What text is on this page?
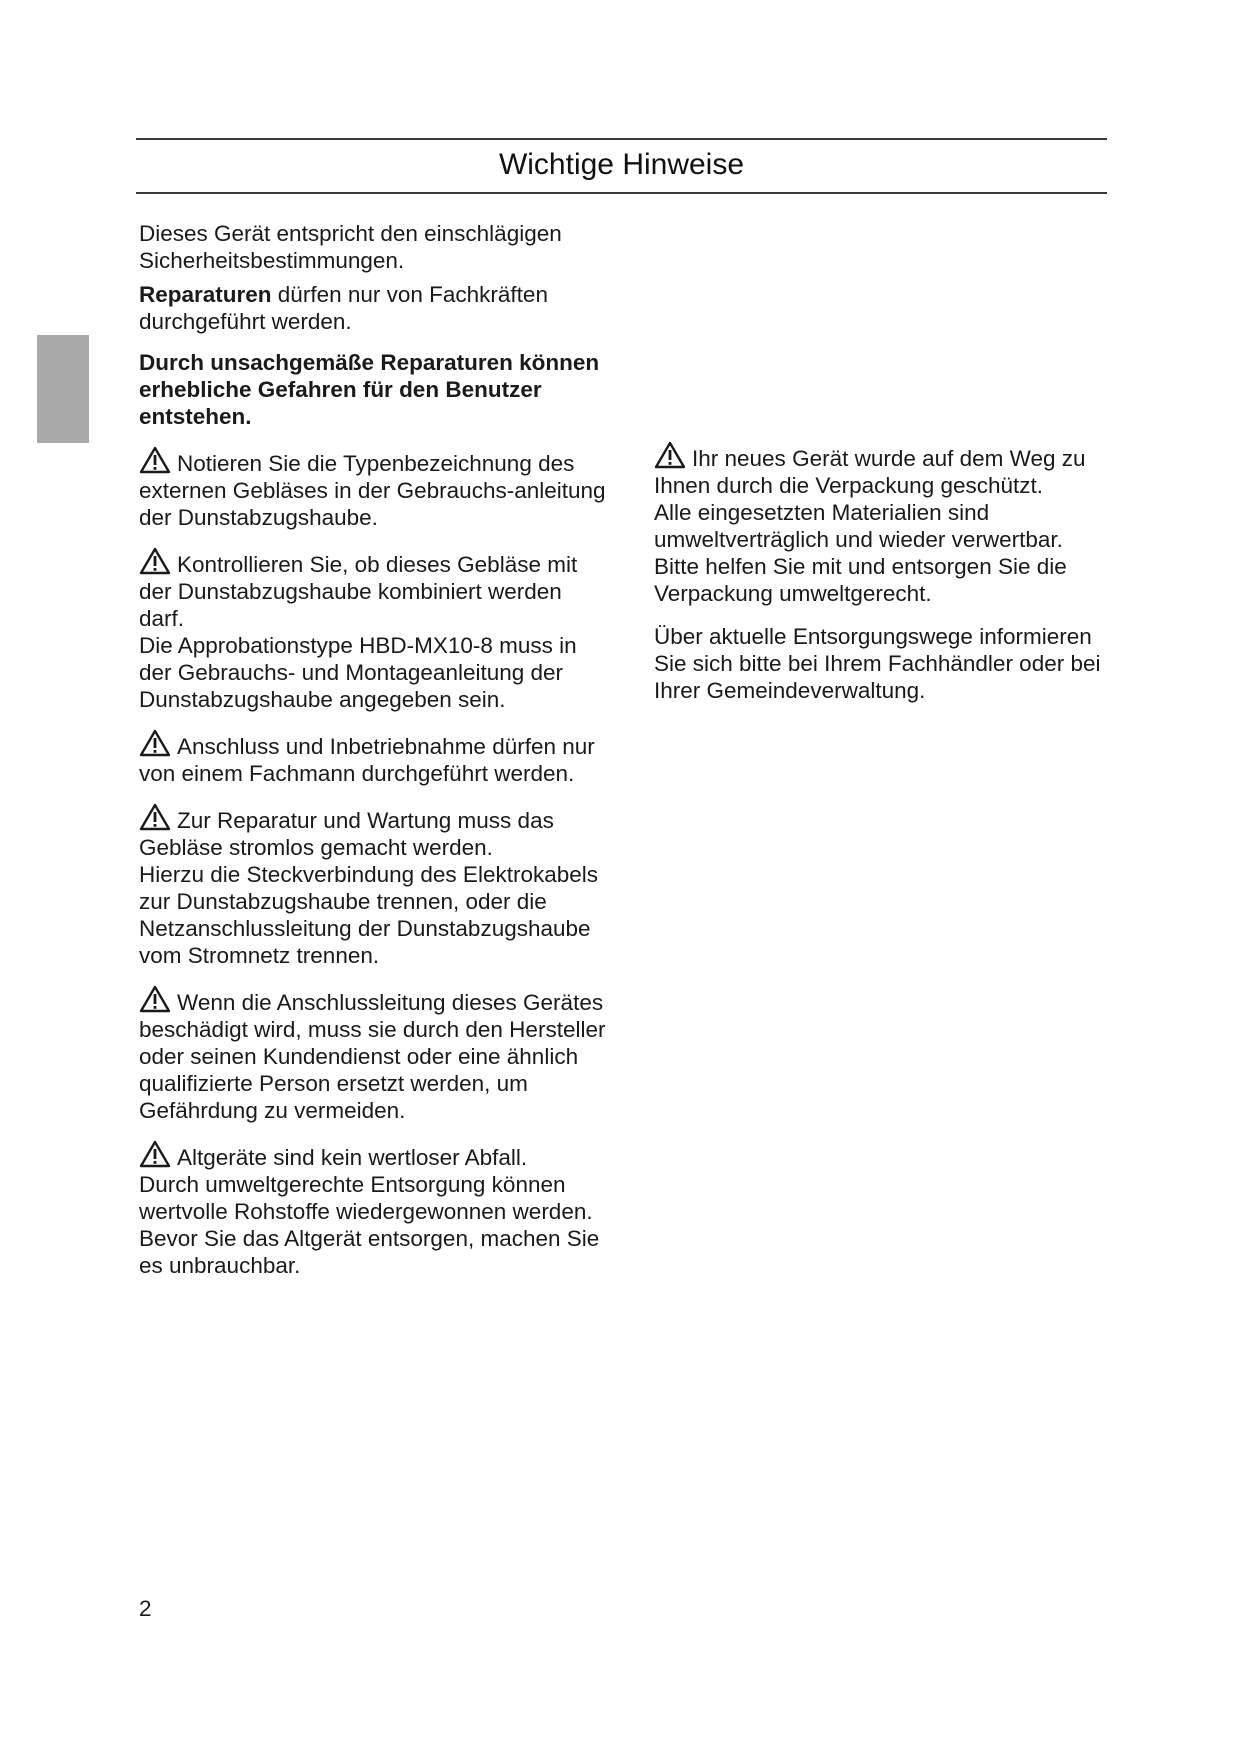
Wichtige Hinweise

Dieses Gerät entspricht den einschlägigen Sicherheitsbestimmungen.

Reparaturen dürfen nur von Fachkräften durchgeführt werden.

Durch unsachgemäße Reparaturen können erhebliche Gefahren für den Benutzer entstehen.

Notieren Sie die Typenbezeichnung des externen Gebläses in der Gebrauchs-anleitung der Dunstabzugshaube.

Kontrollieren Sie, ob dieses Gebläse mit der Dunstabzugshaube kombiniert werden darf.

Die Approbationstype HBD-MX10-8 muss in der Gebrauchs- und Montageanleitung der Dunstabzugshaube angegeben sein.

Anschluss und Inbetriebnahme dürfen nur von einem Fachmann durchgeführt werden.

Zur Reparatur und Wartung muss das Gebläse stromlos gemacht werden.

Hierzu die Steckverbindung des Elektrokabels zur Dunstabzugshaube trennen, oder die Netzanschlussleitung der Dunstabzugshaube vom Stromnetz trennen.

Wenn die Anschlussleitung dieses Gerätes beschädigt wird, muss sie durch den Hersteller oder seinen Kundendienst oder eine ähnlich qualifizierte Person ersetzt werden, um Gefährdung zu vermeiden.

Altgeräte sind kein wertloser Abfall.

Durch umweltgerechte Entsorgung können wertvolle Rohstoffe wiedergewonnen werden.

Bevor Sie das Altgerät entsorgen, machen Sie es unbrauchbar.

Ihr neues Gerät wurde auf dem Weg zu Ihnen durch die Verpackung geschützt.

Alle eingesetzten Materialien sind umweltverträglich und wieder verwertbar.

Bitte helfen Sie mit und entsorgen Sie die Verpackung umweltgerecht.

Über aktuelle Entsorgungswege informieren Sie sich bitte bei Ihrem Fachhändler oder bei Ihrer Gemeindeverwaltung.

2
